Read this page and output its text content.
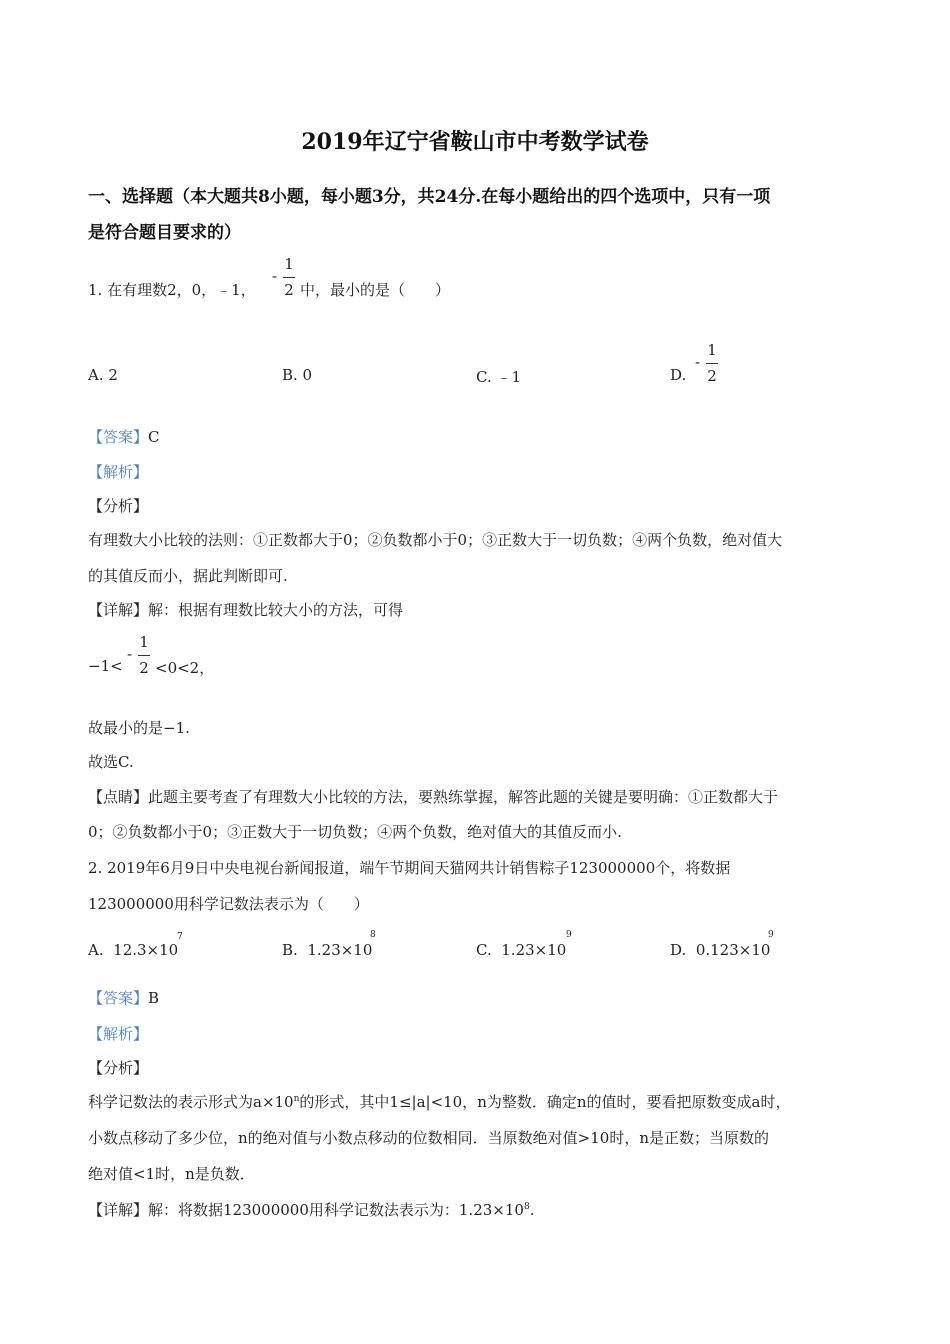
2019年辽宁省鞍山市中考数学试卷
一、选择题（本大题共8小题，每小题3分，共24分.在每小题给出的四个选项中，只有一项
是符合题目要求的）
1. 在有理数2，0，﹣1，
-
1
2 中，最小的是（　　）
A. 2	B. 0	C. ﹣1	D.
-
1
2
【答案】C
【解析】
【分析】
有理数大小比较的法则：①正数都大于0；②负数都小于0；③正数大于一切负数；④两个负数，绝对值大
的其值反而小，据此判断即可.
【详解】解：根据有理数比较大小的方法，可得
−1<
-
1
2 <0<2，
故最小的是−1.
故选C.
【点睛】此题主要考查了有理数大小比较的方法，要熟练掌握，解答此题的关键是要明确：①正数都大于
0；②负数都小于0；③正数大于一切负数；④两个负数，绝对值大的其值反而小.
2. 2019年6月9日中央电视台新闻报道，端午节期间天猫网共计销售粽子123000000个，将数据
123000000用科学记数法表示为（　　）
A. 12.3×10
7
B. 1.23×10
8
C. 1.23×10
9
D. 0.123×10
9
【答案】B
【解析】
【分析】
科学记数法的表示形式为$a\times 10^n$的形式，其中1≤|a|<10，n为整数．确定n的值时，要看把原数变成a时，
小数点移动了多少位，n的绝对值与小数点移动的位数相同．当原数绝对值>10时，n是正数；当原数的
绝对值<1时，n是负数．
【详解】解：将数据123000000用科学记数法表示为：$1.23\times 10^8$.
